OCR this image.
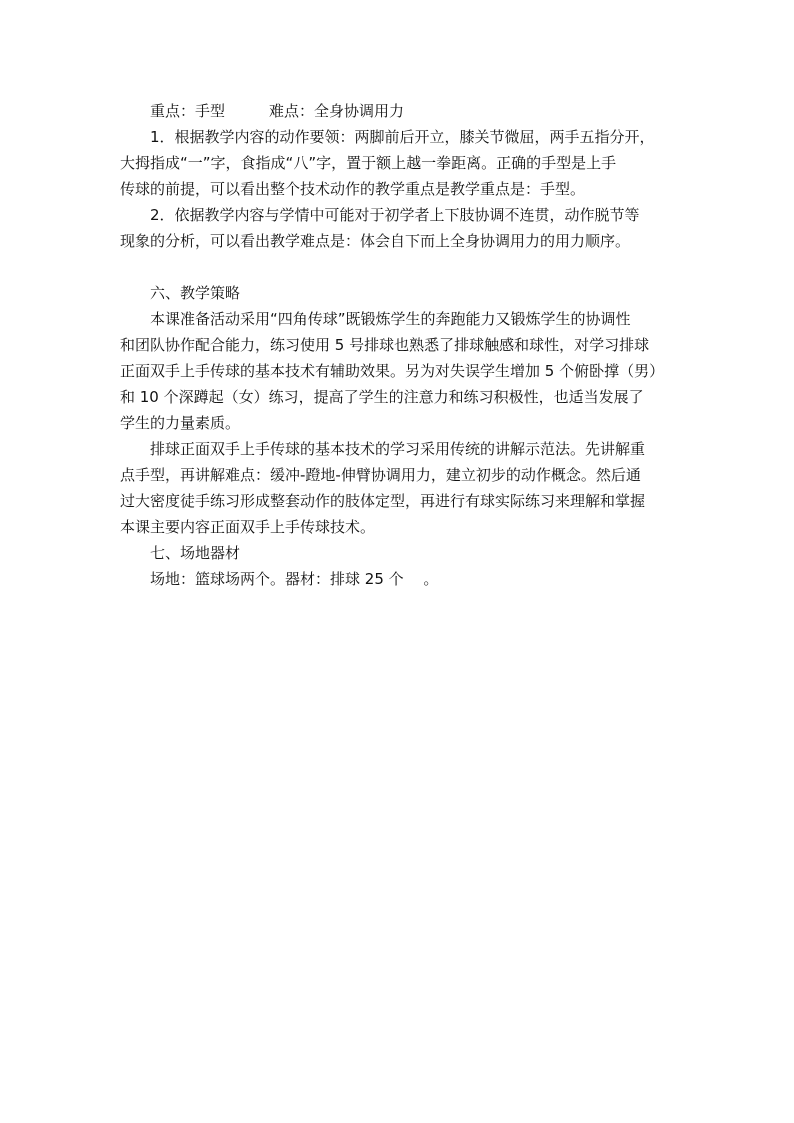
重点：手型	难点：全身协调用力
1．根据教学内容的动作要领：两脚前后开立，膝关节微屈，两手五指分开，
大拇指成“一”字，食指成“八”字，置于额上越一拳距离。正确的手型是上手
传球的前提，可以看出整个技术动作的教学重点是教学重点是：手型。
2．依据教学内容与学情中可能对于初学者上下肢协调不连贯，动作脱节等
现象的分析，可以看出教学难点是：体会自下而上全身协调用力的用力顺序。
六、教学策略
本课准备活动采用“四角传球”既锻炼学生的奔跑能力又锻炼学生的协调性
和团队协作配合能力，练习使用 5 号排球也熟悉了排球触感和球性，对学习排球
正面双手上手传球的基本技术有辅助效果。另为对失误学生增加 5 个俯卧撑（男）
和 10 个深蹲起（女）练习，提高了学生的注意力和练习积极性，也适当发展了
学生的力量素质。
排球正面双手上手传球的基本技术的学习采用传统的讲解示范法。先讲解重
点手型，再讲解难点：缓冲-蹬地-伸臂协调用力，建立初步的动作概念。然后通
过大密度徒手练习形成整套动作的肢体定型，再进行有球实际练习来理解和掌握
本课主要内容正面双手上手传球技术。
七、场地器材
场地：篮球场两个。器材：排球 25 个　 。
